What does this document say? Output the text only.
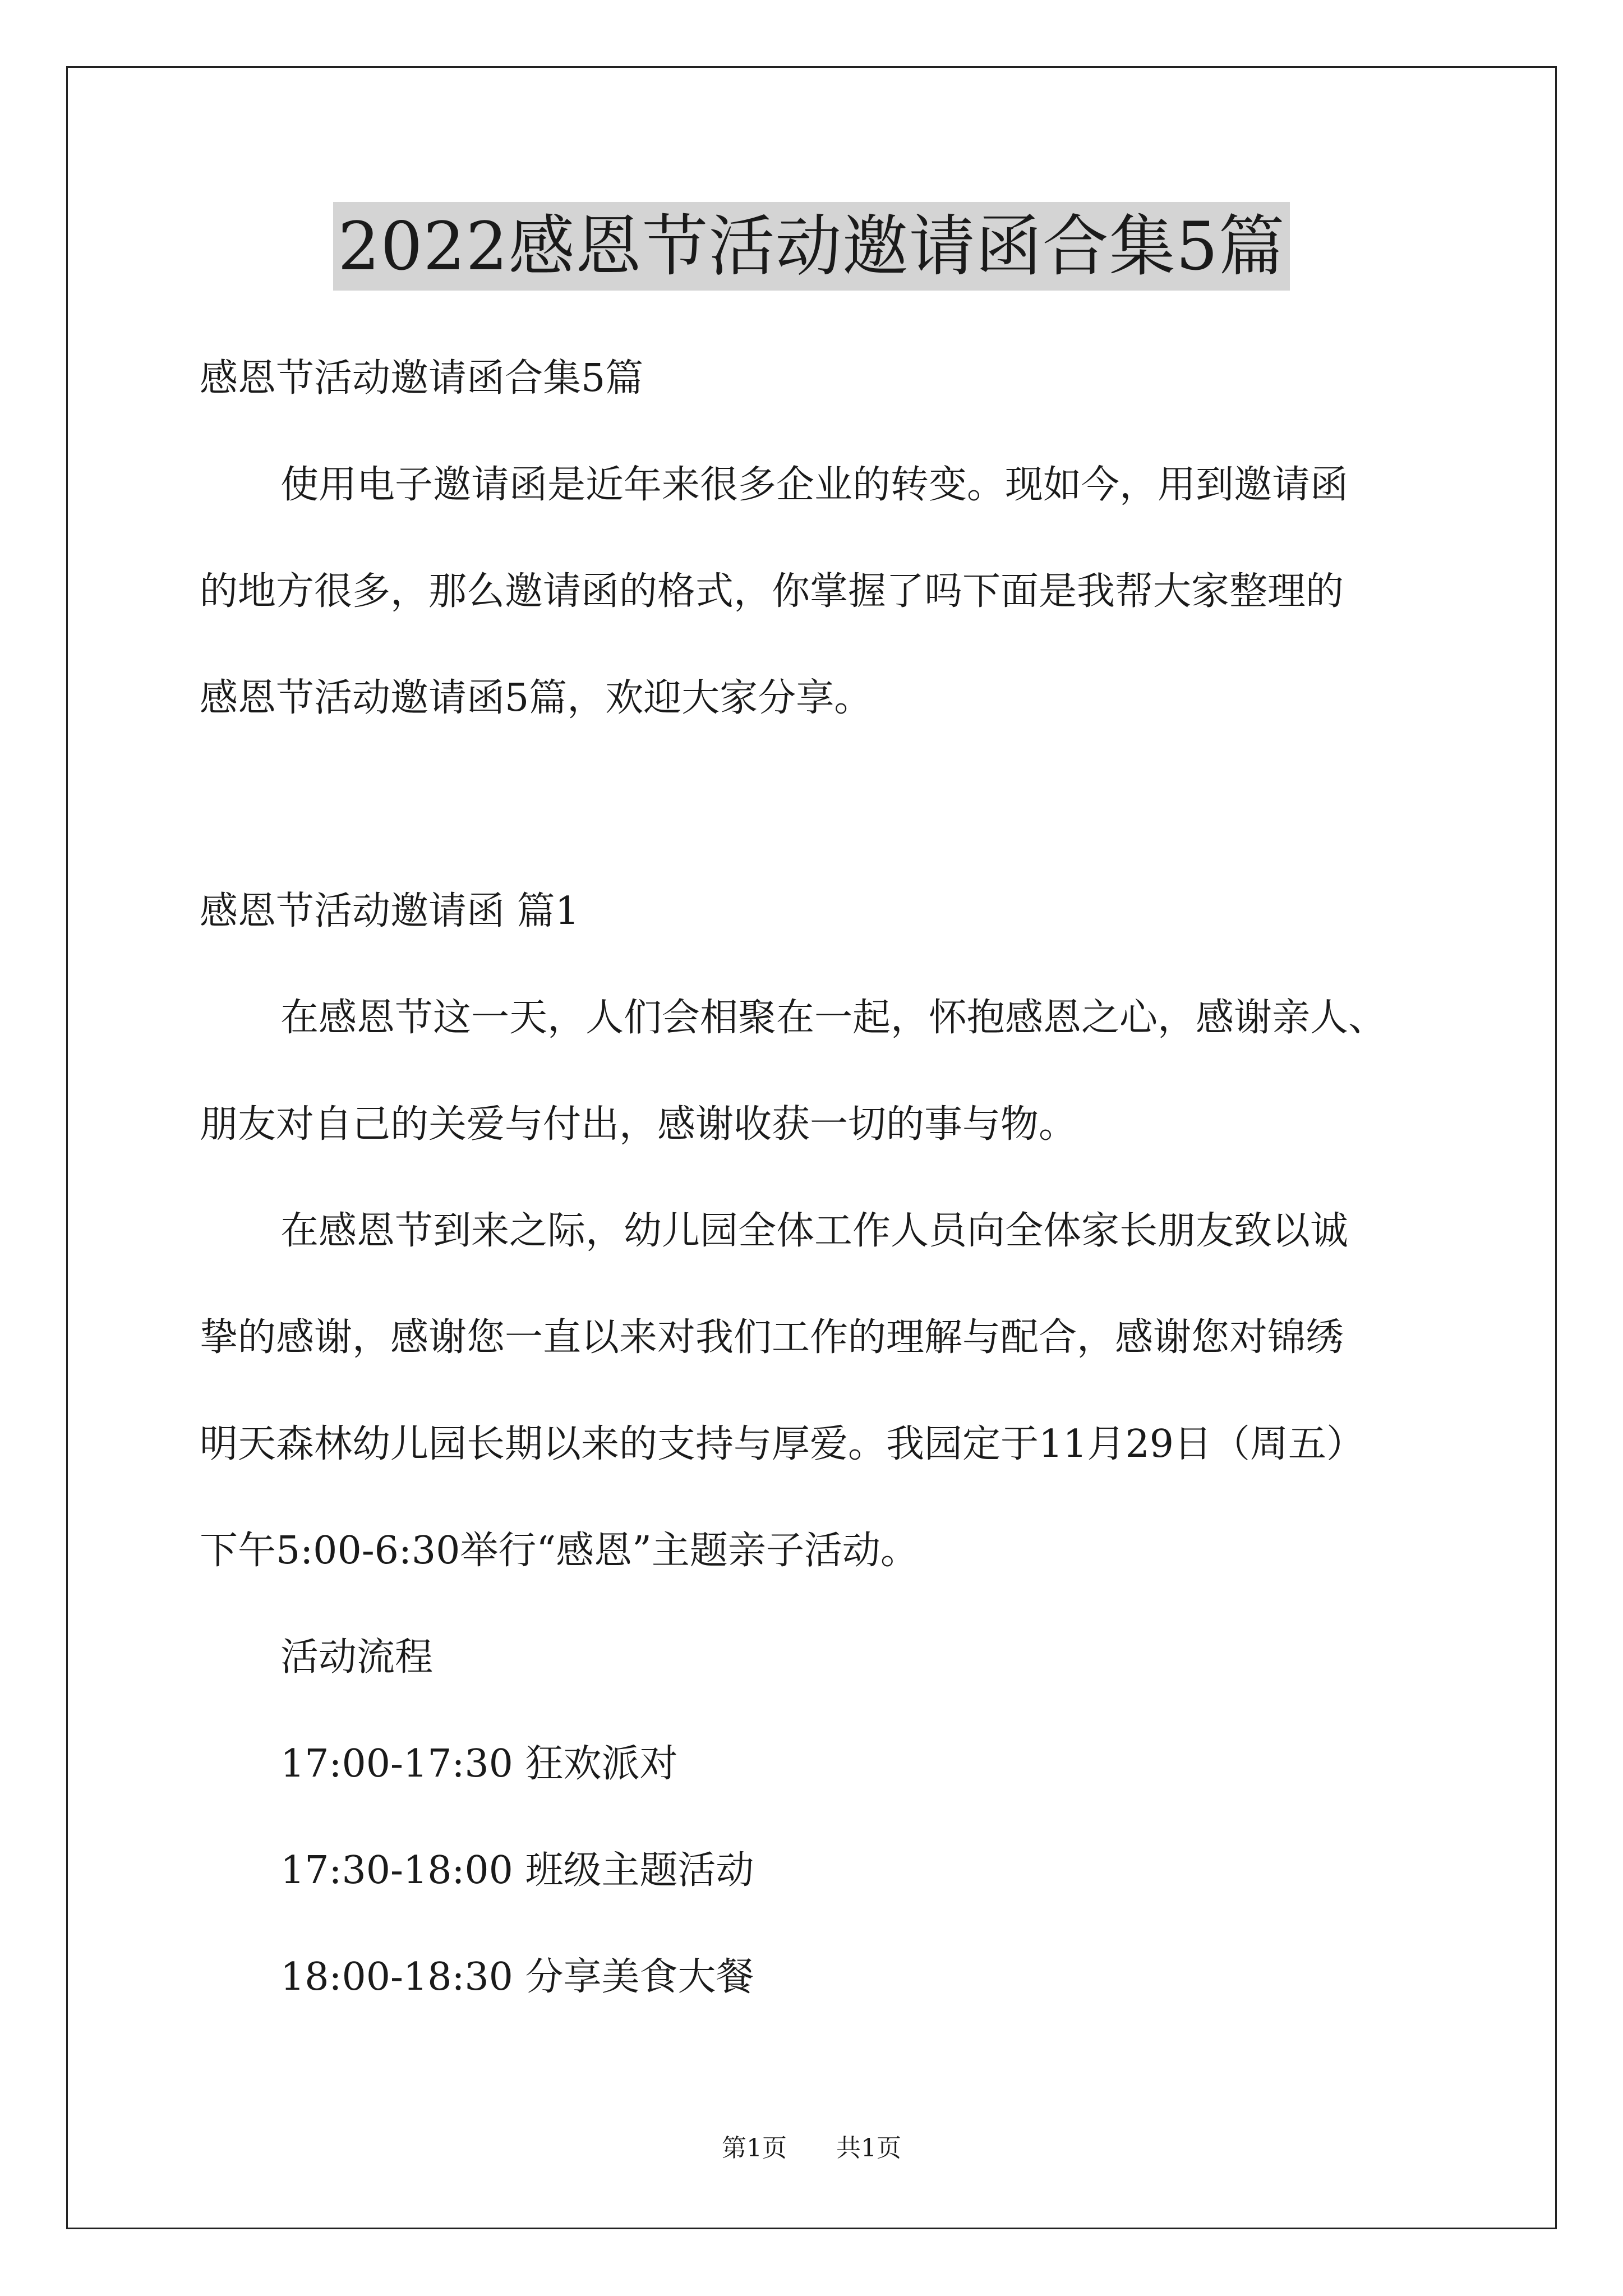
2022感恩节活动邀请函合集5篇
感恩节活动邀请函合集5篇
使用电子邀请函是近年来很多企业的转变。现如今，用到邀请函
的地方很多，那么邀请函的格式，你掌握了吗下面是我帮大家整理的
感恩节活动邀请函5篇，欢迎大家分享。
感恩节活动邀请函 篇1
在感恩节这一天，人们会相聚在一起，怀抱感恩之心，感谢亲人、
朋友对自己的关爱与付出，感谢收获一切的事与物。
在感恩节到来之际，幼儿园全体工作人员向全体家长朋友致以诚
挚的感谢，感谢您一直以来对我们工作的理解与配合，感谢您对锦绣
明天森林幼儿园长期以来的支持与厚爱。我园定于11月29日（周五）
下午5:00-6:30举行“感恩”主题亲子活动。
活动流程
17:00-17:30 狂欢派对
17:30-18:00 班级主题活动
18:00-18:30 分享美食大餐
第1页 共1页
